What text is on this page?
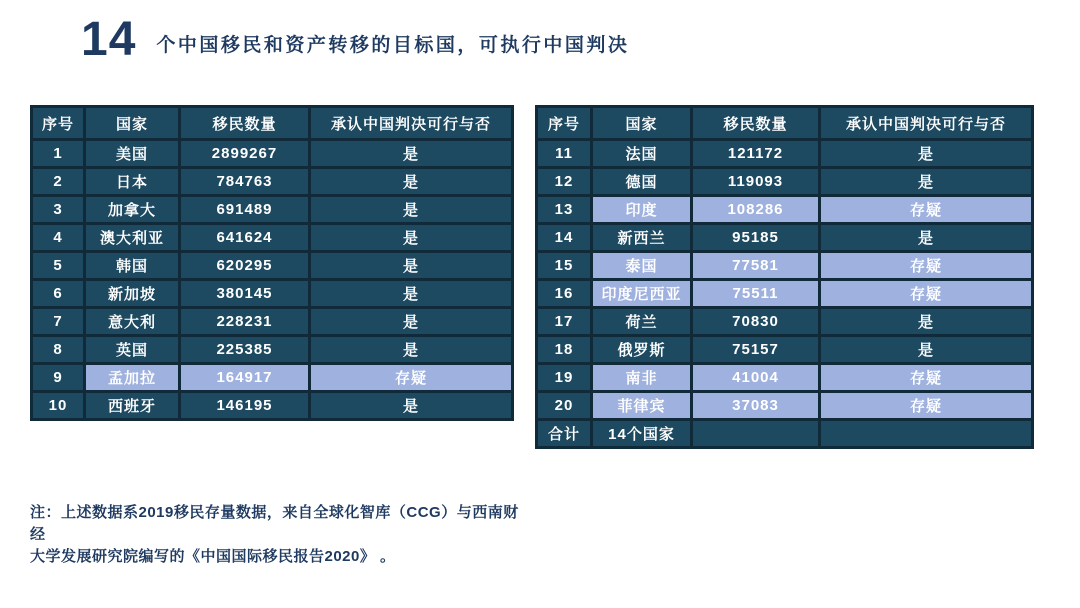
14 个中国移民和资产转移的目标国，可执行中国判决
序号	国家	移民数量	承认中国判决可行与否
1	美国	2899267	是
2	日本	784763	是
3	加拿大	691489	是
4	澳大利亚	641624	是
5	韩国	620295	是
6	新加坡	380145	是
7	意大利	228231	是
8	英国	225385	是
9	孟加拉	164917	存疑
10	西班牙	146195	是
序号	国家	移民数量	承认中国判决可行与否
11	法国	121172	是
12	德国	119093	是
13	印度	108286	存疑
14	新西兰	95185	是
15	泰国	77581	存疑
16	印度尼西亚	75511	存疑
17	荷兰	70830	是
18	俄罗斯	75157	是
19	南非	41004	存疑
20	菲律宾	37083	存疑
合计	14个国家		
注：上述数据系2019移民存量数据，来自全球化智库（CCG）与西南财经
大学发展研究院编写的《中国国际移民报告2020》 。
